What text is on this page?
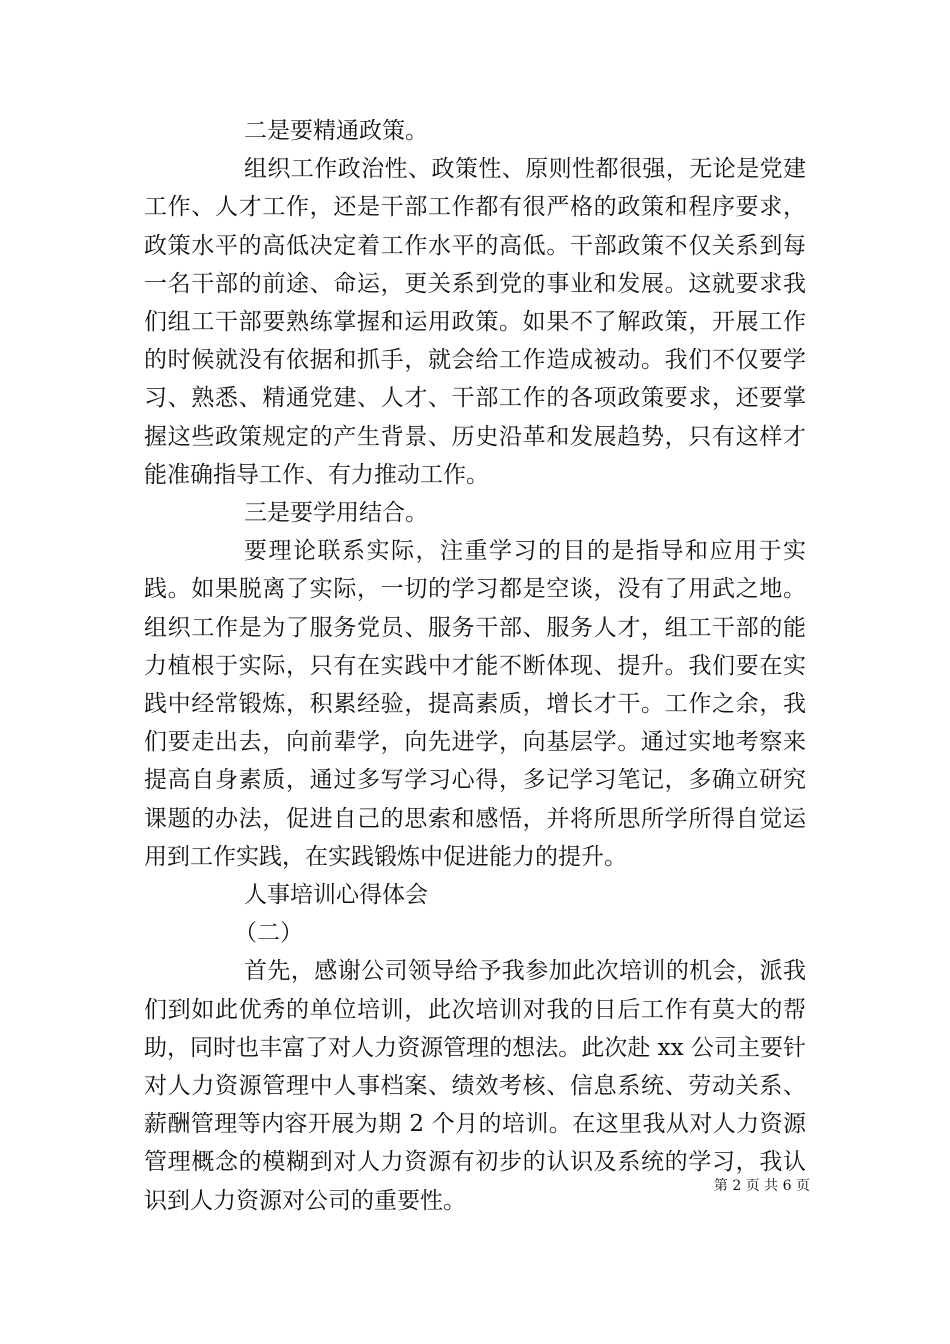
二是要精通政策。

组织工作政治性、政策性、原则性都很强，无论是党建工作、人才工作，还是干部工作都有很严格的政策和程序要求，政策水平的高低决定着工作水平的高低。干部政策不仅关系到每一名干部的前途、命运，更关系到党的事业和发展。这就要求我们组工干部要熟练掌握和运用政策。如果不了解政策，开展工作的时候就没有依据和抓手，就会给工作造成被动。我们不仅要学习、熟悉、精通党建、人才、干部工作的各项政策要求，还要掌握这些政策规定的产生背景、历史沿革和发展趋势，只有这样才能准确指导工作、有力推动工作。

三是要学用结合。

要理论联系实际，注重学习的目的是指导和应用于实践。如果脱离了实际，一切的学习都是空谈，没有了用武之地。组织工作是为了服务党员、服务干部、服务人才，组工干部的能力植根于实际，只有在实践中才能不断体现、提升。我们要在实践中经常锻炼，积累经验，提高素质，增长才干。工作之余，我们要走出去，向前辈学，向先进学，向基层学。通过实地考察来提高自身素质，通过多写学习心得，多记学习笔记，多确立研究课题的办法，促进自己的思索和感悟，并将所思所学所得自觉运用到工作实践，在实践锻炼中促进能力的提升。

人事培训心得体会

（二）

首先，感谢公司领导给予我参加此次培训的机会，派我们到如此优秀的单位培训，此次培训对我的日后工作有莫大的帮助，同时也丰富了对人力资源管理的想法。此次赴 xx 公司主要针对人力资源管理中人事档案、绩效考核、信息系统、劳动关系、薪酬管理等内容开展为期 2 个月的培训。在这里我从对人力资源管理概念的模糊到对人力资源有初步的认识及系统的学习，我认识到人力资源对公司的重要性。

第 2 页 共 6 页
